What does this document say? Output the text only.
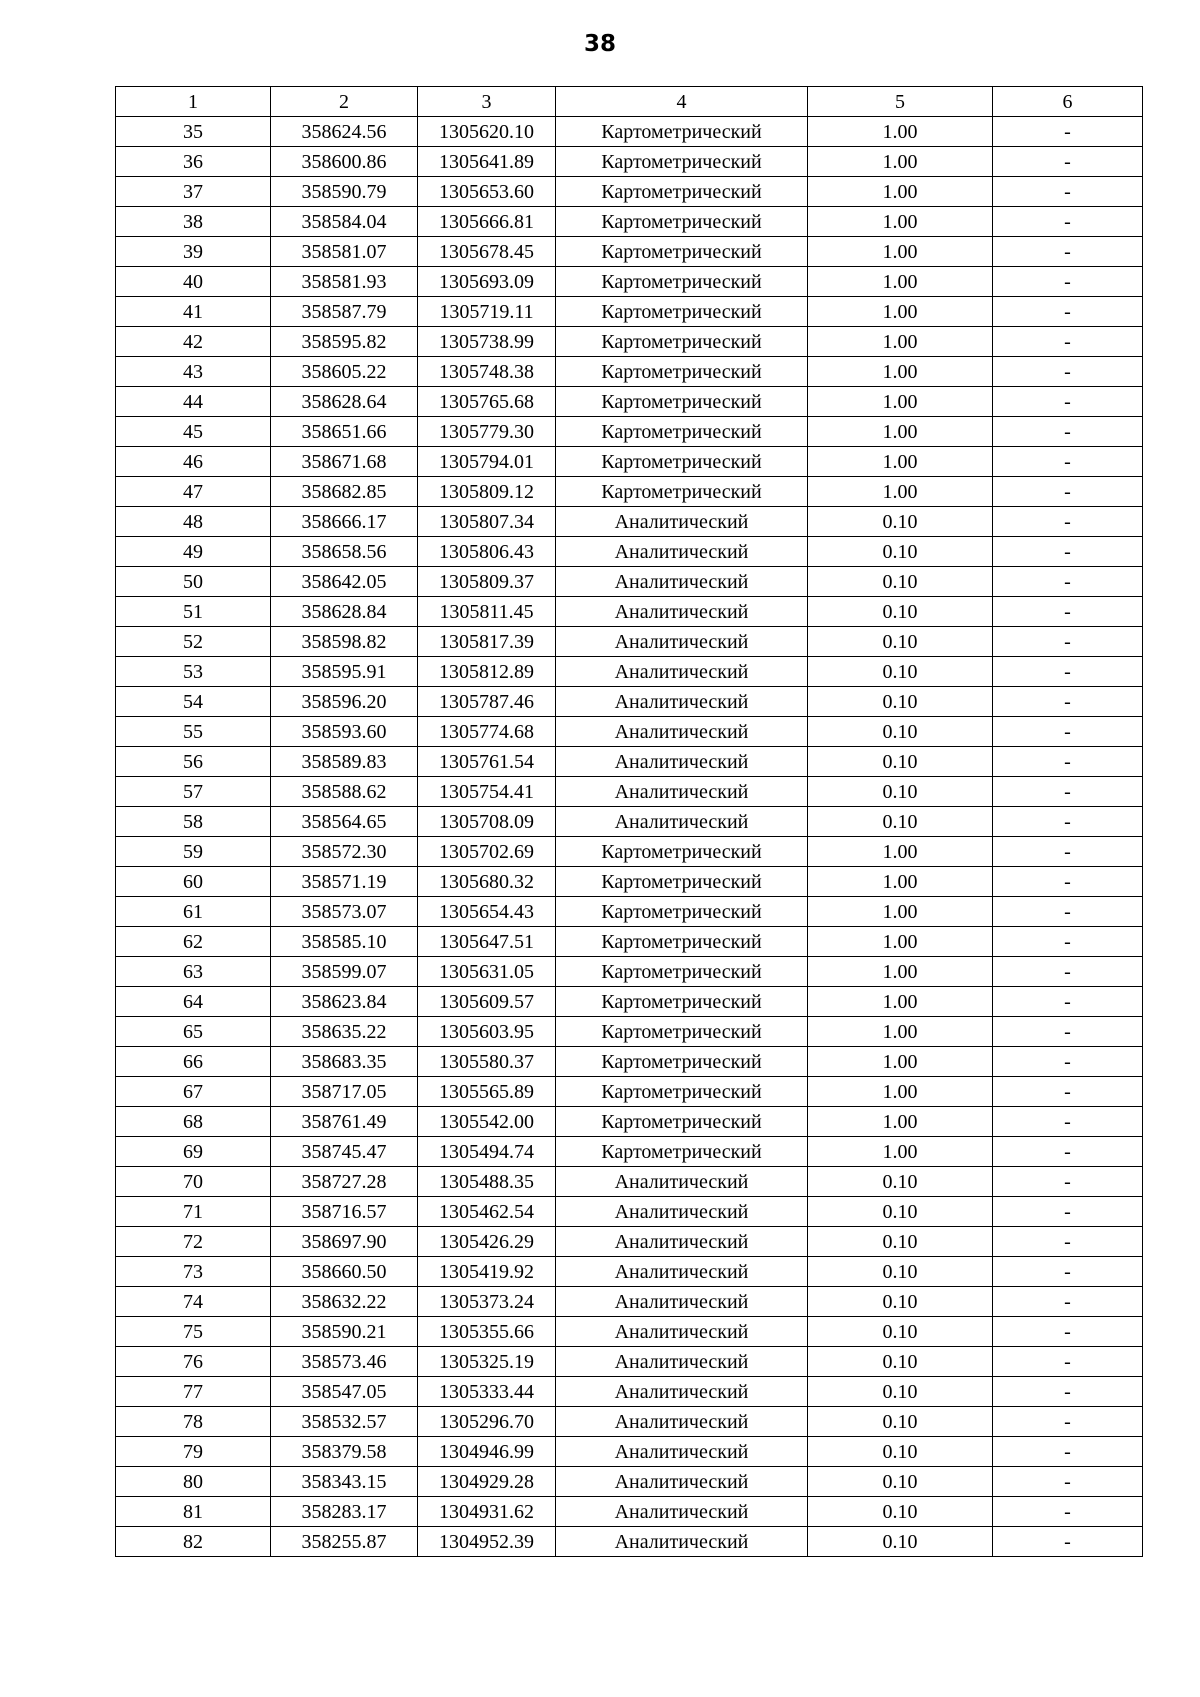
38
1	2	3	4	5	6
35	358624.56	1305620.10	Картометрический	1.00	-
36	358600.86	1305641.89	Картометрический	1.00	-
37	358590.79	1305653.60	Картометрический	1.00	-
38	358584.04	1305666.81	Картометрический	1.00	-
39	358581.07	1305678.45	Картометрический	1.00	-
40	358581.93	1305693.09	Картометрический	1.00	-
41	358587.79	1305719.11	Картометрический	1.00	-
42	358595.82	1305738.99	Картометрический	1.00	-
43	358605.22	1305748.38	Картометрический	1.00	-
44	358628.64	1305765.68	Картометрический	1.00	-
45	358651.66	1305779.30	Картометрический	1.00	-
46	358671.68	1305794.01	Картометрический	1.00	-
47	358682.85	1305809.12	Картометрический	1.00	-
48	358666.17	1305807.34	Аналитический	0.10	-
49	358658.56	1305806.43	Аналитический	0.10	-
50	358642.05	1305809.37	Аналитический	0.10	-
51	358628.84	1305811.45	Аналитический	0.10	-
52	358598.82	1305817.39	Аналитический	0.10	-
53	358595.91	1305812.89	Аналитический	0.10	-
54	358596.20	1305787.46	Аналитический	0.10	-
55	358593.60	1305774.68	Аналитический	0.10	-
56	358589.83	1305761.54	Аналитический	0.10	-
57	358588.62	1305754.41	Аналитический	0.10	-
58	358564.65	1305708.09	Аналитический	0.10	-
59	358572.30	1305702.69	Картометрический	1.00	-
60	358571.19	1305680.32	Картометрический	1.00	-
61	358573.07	1305654.43	Картометрический	1.00	-
62	358585.10	1305647.51	Картометрический	1.00	-
63	358599.07	1305631.05	Картометрический	1.00	-
64	358623.84	1305609.57	Картометрический	1.00	-
65	358635.22	1305603.95	Картометрический	1.00	-
66	358683.35	1305580.37	Картометрический	1.00	-
67	358717.05	1305565.89	Картометрический	1.00	-
68	358761.49	1305542.00	Картометрический	1.00	-
69	358745.47	1305494.74	Картометрический	1.00	-
70	358727.28	1305488.35	Аналитический	0.10	-
71	358716.57	1305462.54	Аналитический	0.10	-
72	358697.90	1305426.29	Аналитический	0.10	-
73	358660.50	1305419.92	Аналитический	0.10	-
74	358632.22	1305373.24	Аналитический	0.10	-
75	358590.21	1305355.66	Аналитический	0.10	-
76	358573.46	1305325.19	Аналитический	0.10	-
77	358547.05	1305333.44	Аналитический	0.10	-
78	358532.57	1305296.70	Аналитический	0.10	-
79	358379.58	1304946.99	Аналитический	0.10	-
80	358343.15	1304929.28	Аналитический	0.10	-
81	358283.17	1304931.62	Аналитический	0.10	-
82	358255.87	1304952.39	Аналитический	0.10	-
